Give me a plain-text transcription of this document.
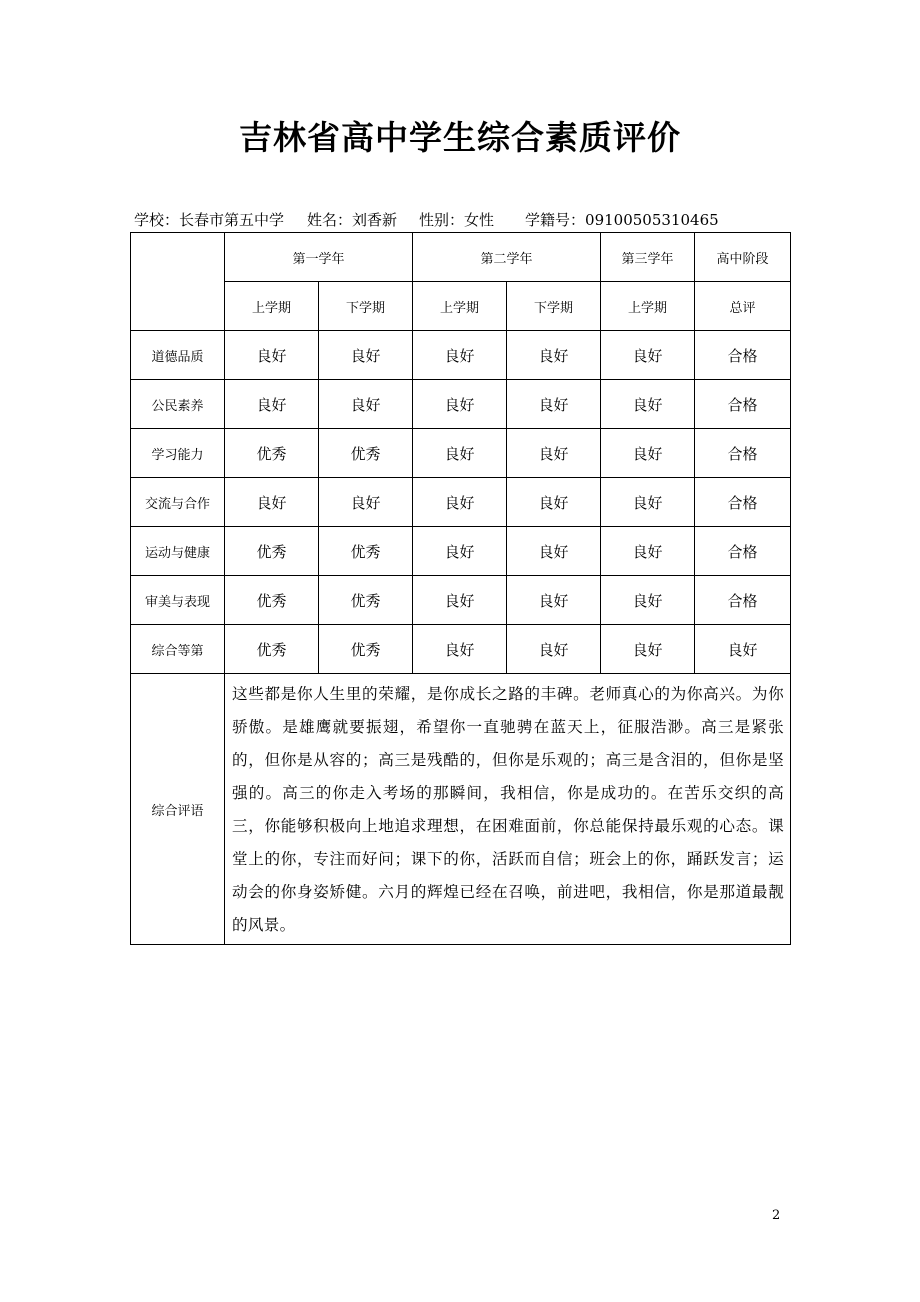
吉林省高中学生综合素质评价
学校：长春市第五中学 姓名：刘香新 性别：女性 学籍号：09100505310465
	第一学年		第二学年		第三学年	高中阶段
	上学期	下学期	上学期	下学期	上学期	总评
道德品质	良好	良好	良好	良好	良好	合格
公民素养	良好	良好	良好	良好	良好	合格
学习能力	优秀	优秀	良好	良好	良好	合格
交流与合作	良好	良好	良好	良好	良好	合格
运动与健康	优秀	优秀	良好	良好	良好	合格
审美与表现	优秀	优秀	良好	良好	良好	合格
综合等第	优秀	优秀	良好	良好	良好	良好
综合评语	这些都是你人生里的荣耀，是你成长之路的丰碑。老师真心的为你高兴。为你骄傲。是雄鹰就要振翅，希望你一直驰骋在蓝天上，征服浩渺。高三是紧张的，但你是从容的；高三是残酷的，但你是乐观的；高三是含泪的，但你是坚强的。高三的你走入考场的那瞬间，我相信，你是成功的。在苦乐交织的高三，你能够积极向上地追求理想，在困难面前，你总能保持最乐观的心态。课堂上的你，专注而好问；课下的你，活跃而自信；班会上的你，踊跃发言；运动会的你身姿矫健。六月的辉煌已经在召唤，前进吧，我相信，你是那道最靓的风景。					
2
